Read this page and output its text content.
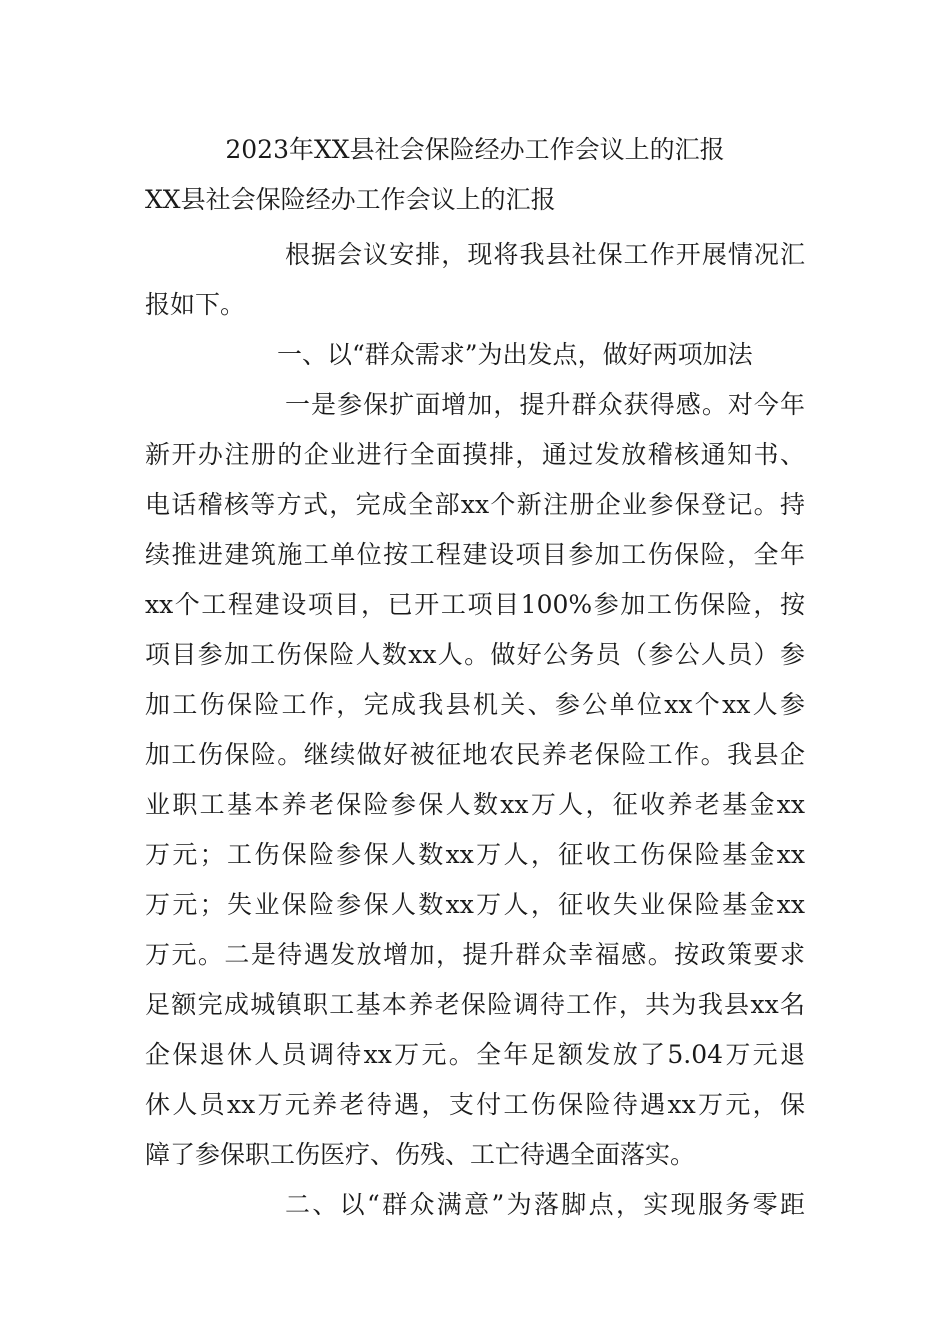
2023年XX县社会保险经办工作会议上的汇报
XX县社会保险经办工作会议上的汇报
根据会议安排，现将我县社保工作开展情况汇
报如下。
一、以“群众需求”为出发点，做好两项加法
一是参保扩面增加，提升群众获得感。对今年
新开办注册的企业进行全面摸排，通过发放稽核通知书、
电话稽核等方式，完成全部xx个新注册企业参保登记。持
续推进建筑施工单位按工程建设项目参加工伤保险，全年
xx个工程建设项目，已开工项目100%参加工伤保险，按
项目参加工伤保险人数xx人。做好公务员（参公人员）参
加工伤保险工作，完成我县机关、参公单位xx个xx人参
加工伤保险。继续做好被征地农民养老保险工作。我县企
业职工基本养老保险参保人数xx万人，征收养老基金xx
万元；工伤保险参保人数xx万人，征收工伤保险基金xx
万元；失业保险参保人数xx万人，征收失业保险基金xx
万元。二是待遇发放增加，提升群众幸福感。按政策要求
足额完成城镇职工基本养老保险调待工作，共为我县xx名
企保退休人员调待xx万元。全年足额发放了5.04万元退
休人员xx万元养老待遇，支付工伤保险待遇xx万元，保
障了参保职工伤医疗、伤残、工亡待遇全面落实。
二、以“群众满意”为落脚点，实现服务零距
